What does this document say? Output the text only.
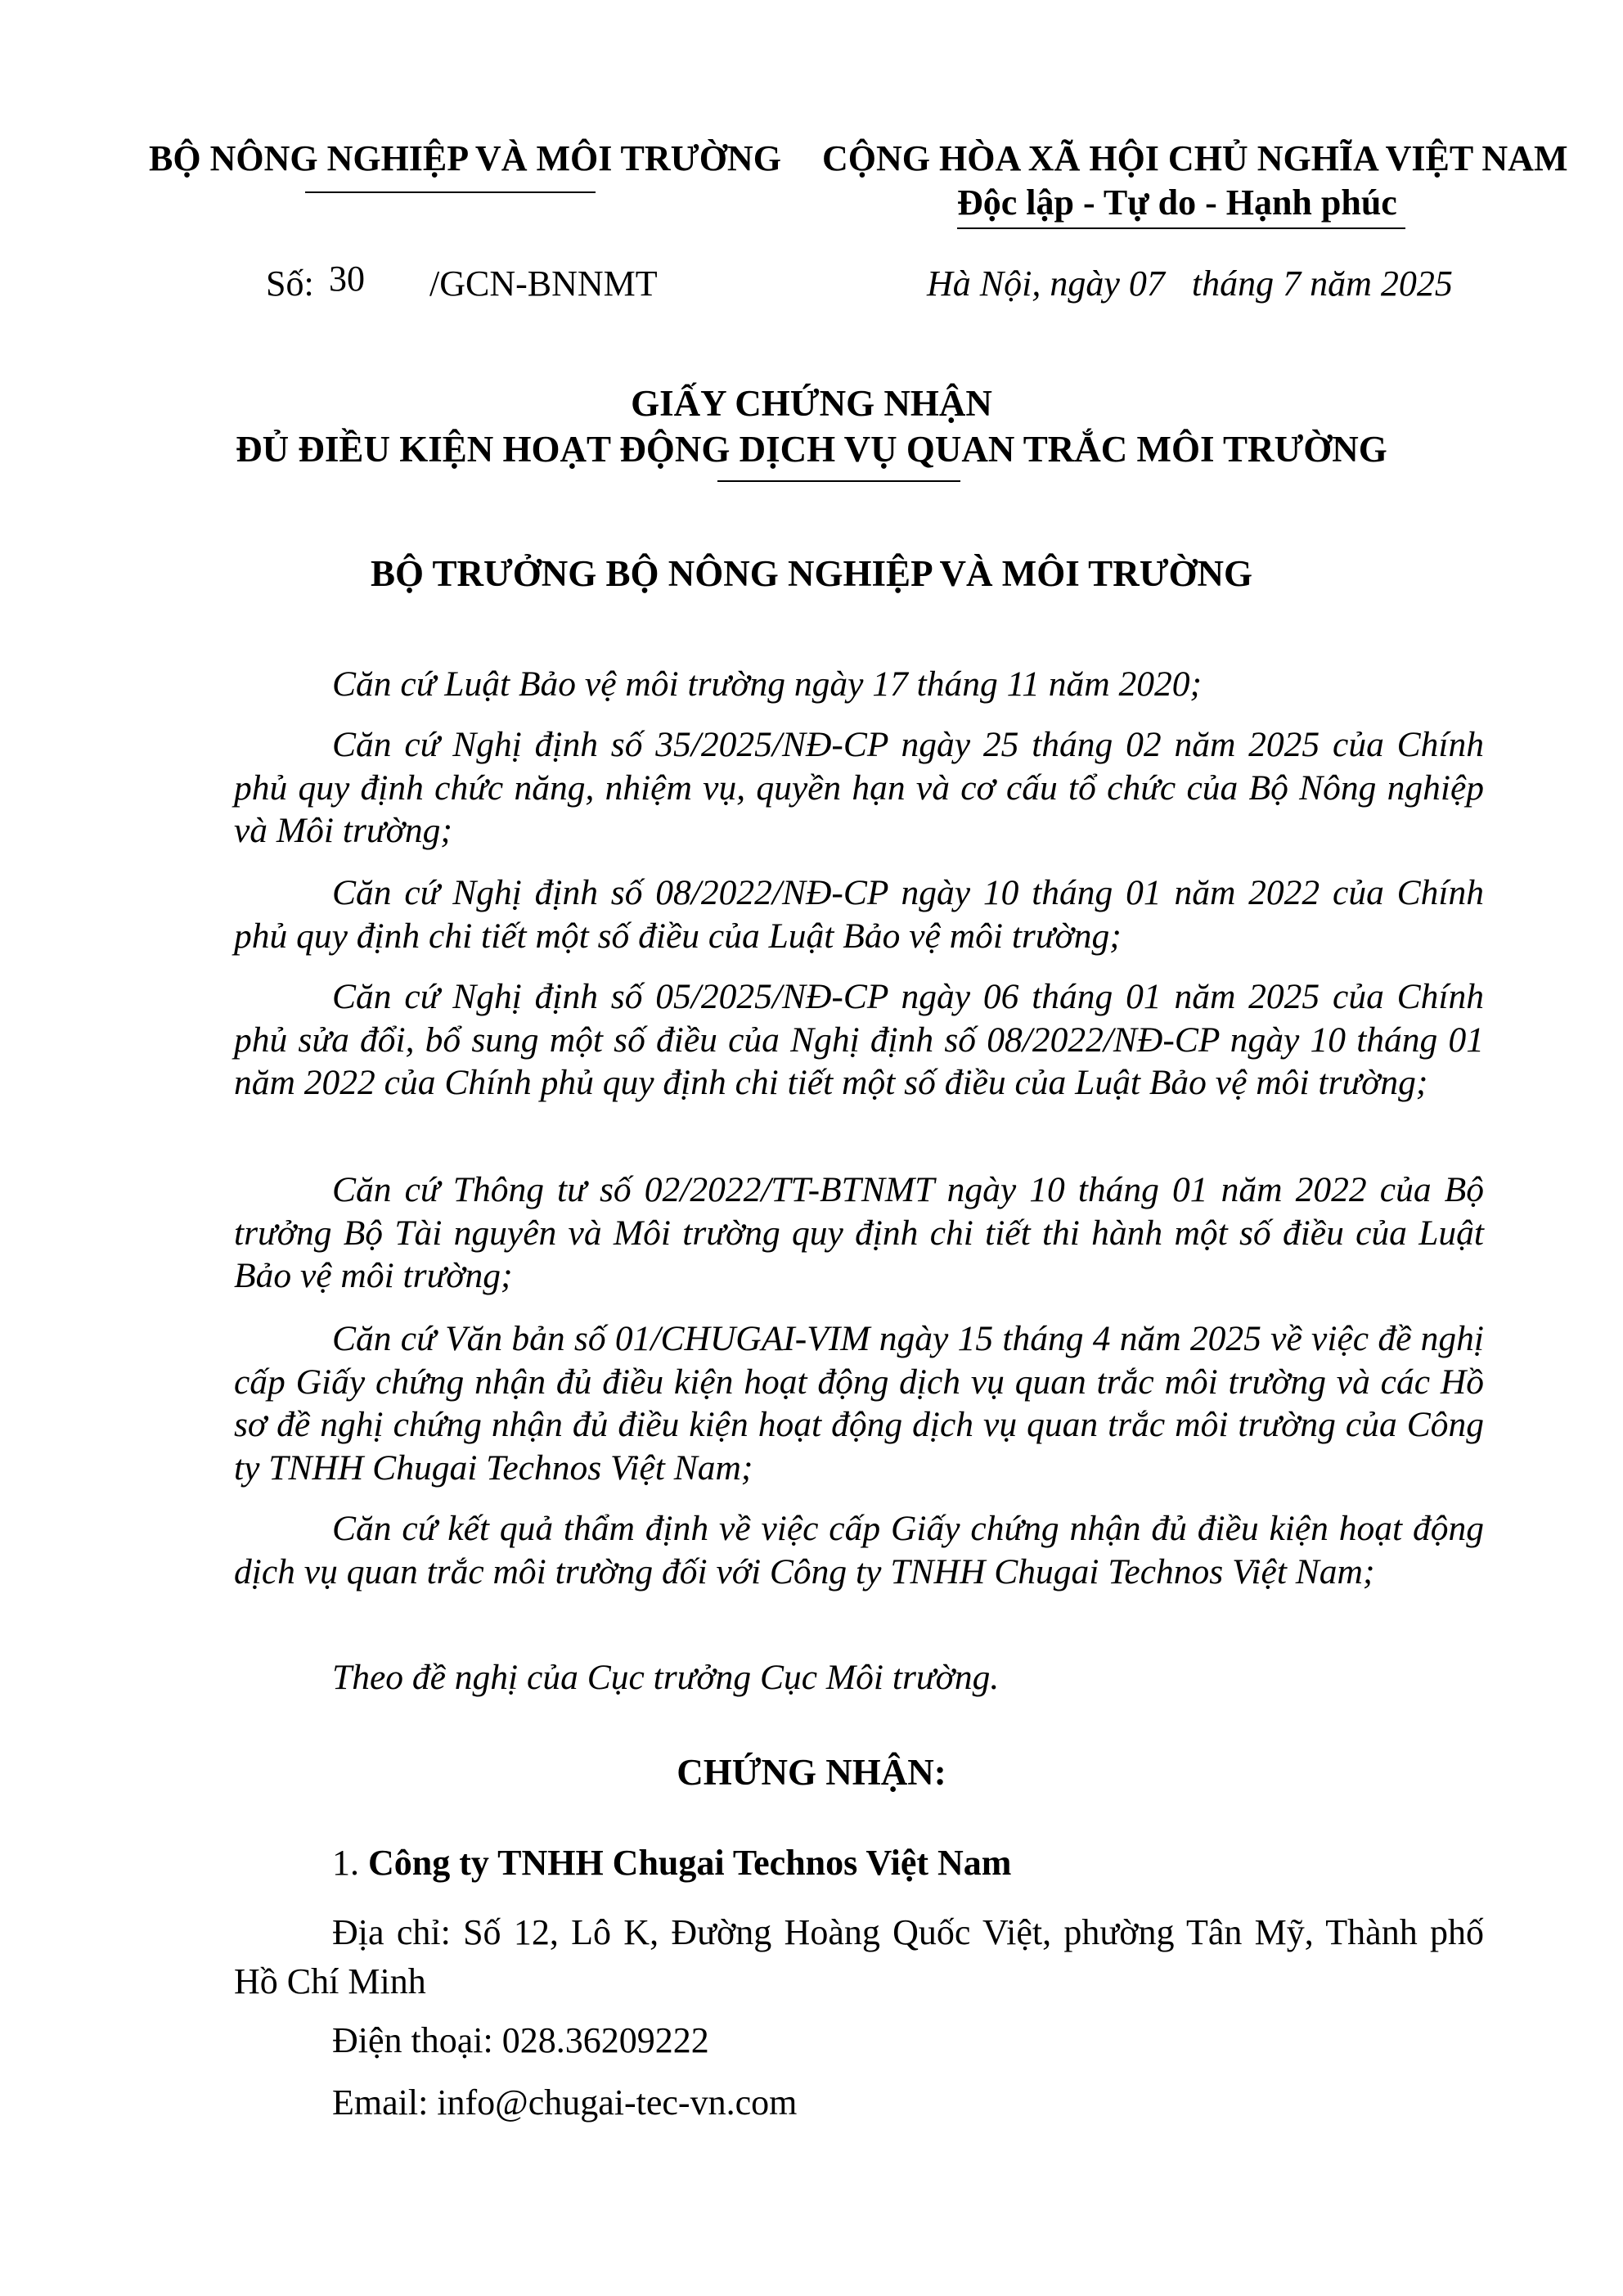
BỘ NÔNG NGHIỆP VÀ MÔI TRƯỜNG CỘNG HÒA XÃ HỘI CHỦ NGHĨA VIỆT NAM
Độc lập - Tự do - Hạnh phúc
Số: 30 /GCN-BNNMT	Hà Nội, ngày 07   tháng 7 năm 2025
GIẤY CHỨNG NHẬN
ĐỦ ĐIỀU KIỆN HOẠT ĐỘNG DỊCH VỤ QUAN TRẮC MÔI TRƯỜNG
BỘ TRƯỞNG BỘ NÔNG NGHIỆP VÀ MÔI TRƯỜNG
Căn cứ Luật Bảo vệ môi trường ngày 17 tháng 11 năm 2020;
Căn cứ Nghị định số 35/2025/NĐ-CP ngày 25 tháng 02 năm 2025 của Chính phủ quy định chức năng, nhiệm vụ, quyền hạn và cơ cấu tổ chức của Bộ Nông nghiệp và Môi trường;
Căn cứ Nghị định số 08/2022/NĐ-CP ngày 10 tháng 01 năm 2022 của Chính phủ quy định chi tiết một số điều của Luật Bảo vệ môi trường;
Căn cứ Nghị định số 05/2025/NĐ-CP ngày 06 tháng 01 năm 2025 của Chính phủ sửa đổi, bổ sung một số điều của Nghị định số 08/2022/NĐ-CP ngày 10 tháng 01 năm 2022 của Chính phủ quy định chi tiết một số điều của Luật Bảo vệ môi trường;
Căn cứ Thông tư số 02/2022/TT-BTNMT ngày 10 tháng 01 năm 2022 của Bộ trưởng Bộ Tài nguyên và Môi trường quy định chi tiết thi hành một số điều của Luật Bảo vệ môi trường;
Căn cứ Văn bản số 01/CHUGAI-VIM ngày 15 tháng 4 năm 2025 về việc đề nghị cấp Giấy chứng nhận đủ điều kiện hoạt động dịch vụ quan trắc môi trường và các Hồ sơ đề nghị chứng nhận đủ điều kiện hoạt động dịch vụ quan trắc môi trường của Công ty TNHH Chugai Technos Việt Nam;
Căn cứ kết quả thẩm định về việc cấp Giấy chứng nhận đủ điều kiện hoạt động dịch vụ quan trắc môi trường đối với Công ty TNHH Chugai Technos Việt Nam;
Theo đề nghị của Cục trưởng Cục Môi trường.
CHỨNG NHẬN:
1. Công ty TNHH Chugai Technos Việt Nam
Địa chỉ: Số 12, Lô K, Đường Hoàng Quốc Việt, phường Tân Mỹ, Thành phố Hồ Chí Minh
Điện thoại: 028.36209222
Email: info@chugai-tec-vn.com
